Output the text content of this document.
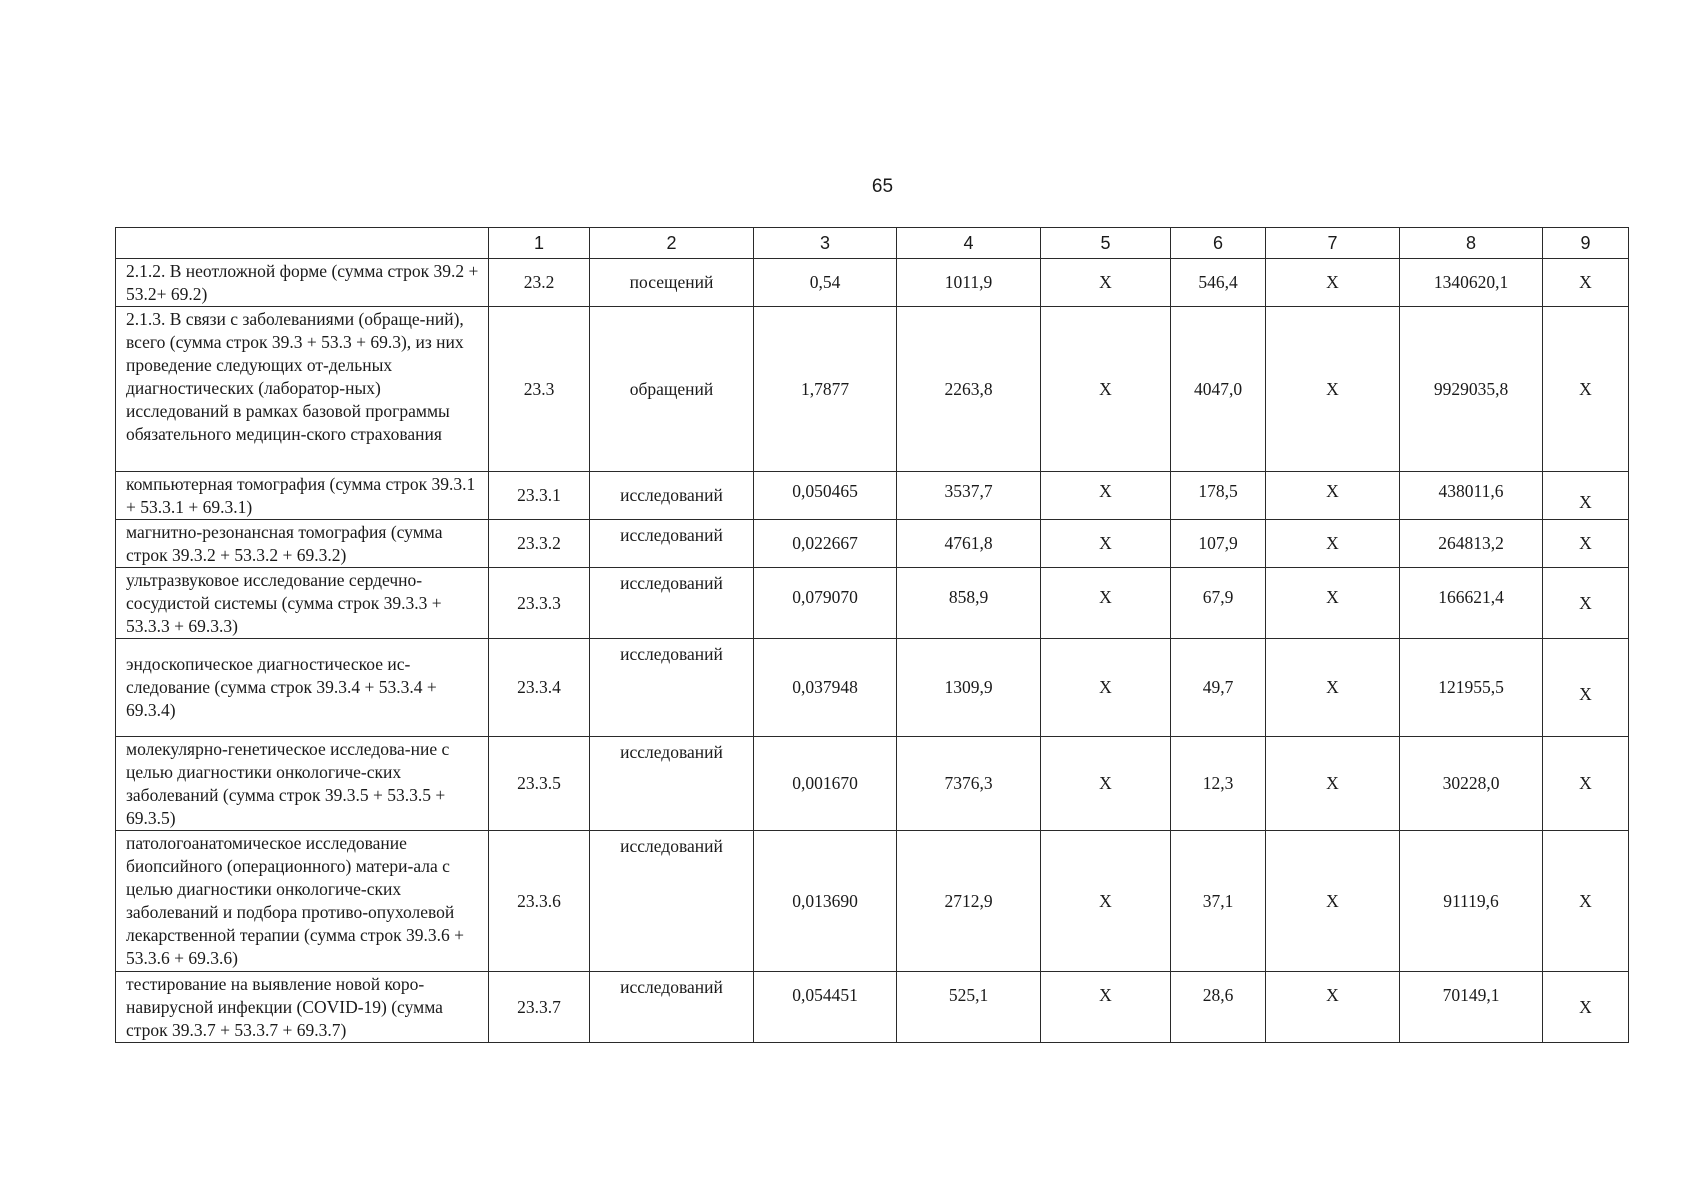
65
	1	2	3	4	5	6	7	8	9
2.1.2. В неотложной форме (сумма строк 39.2 + 53.2+ 69.2)	23.2	посещений	0,54	1011,9	Х	546,4	Х	1340620,1	Х
2.1.3. В связи с заболеваниями (обраще-ний), всего (сумма строк 39.3 + 53.3 + 69.3), из них проведение следующих от-дельных диагностических (лаборатор-ных) исследований в рамках базовой программы обязательного медицин-ского страхования	23.3	обращений	1,7877	2263,8	Х	4047,0	Х	9929035,8	Х
компьютерная томография (сумма строк 39.3.1 + 53.3.1 + 69.3.1)	23.3.1	исследований	0,050465	3537,7	Х	178,5	Х	438011,6	Х
магнитно-резонансная томография (сумма строк 39.3.2 + 53.3.2 + 69.3.2)	23.3.2	исследований	0,022667	4761,8	Х	107,9	Х	264813,2	Х
ультразвуковое исследование сердечно-сосудистой системы (сумма строк 39.3.3 + 53.3.3 + 69.3.3)	23.3.3	исследований	0,079070	858,9	Х	67,9	Х	166621,4	Х
эндоскопическое диагностическое ис-следование (сумма строк 39.3.4 + 53.3.4 + 69.3.4)	23.3.4	исследований	0,037948	1309,9	Х	49,7	Х	121955,5	Х
молекулярно-генетическое исследова-ние с целью диагностики онкологиче-ских заболеваний (сумма строк 39.3.5 + 53.3.5 + 69.3.5)	23.3.5	исследований	0,001670	7376,3	Х	12,3	Х	30228,0	Х
патологоанатомическое исследование биопсийного (операционного) матери-ала с целью диагностики онкологиче-ских заболеваний и подбора противо-опухолевой лекарственной терапии (сумма строк 39.3.6 + 53.3.6 + 69.3.6)	23.3.6	исследований	0,013690	2712,9	Х	37,1	Х	91119,6	Х
тестирование на выявление новой коро-навирусной инфекции (COVID-19) (сумма строк 39.3.7 + 53.3.7 + 69.3.7)	23.3.7	исследований	0,054451	525,1	Х	28,6	Х	70149,1	Х
